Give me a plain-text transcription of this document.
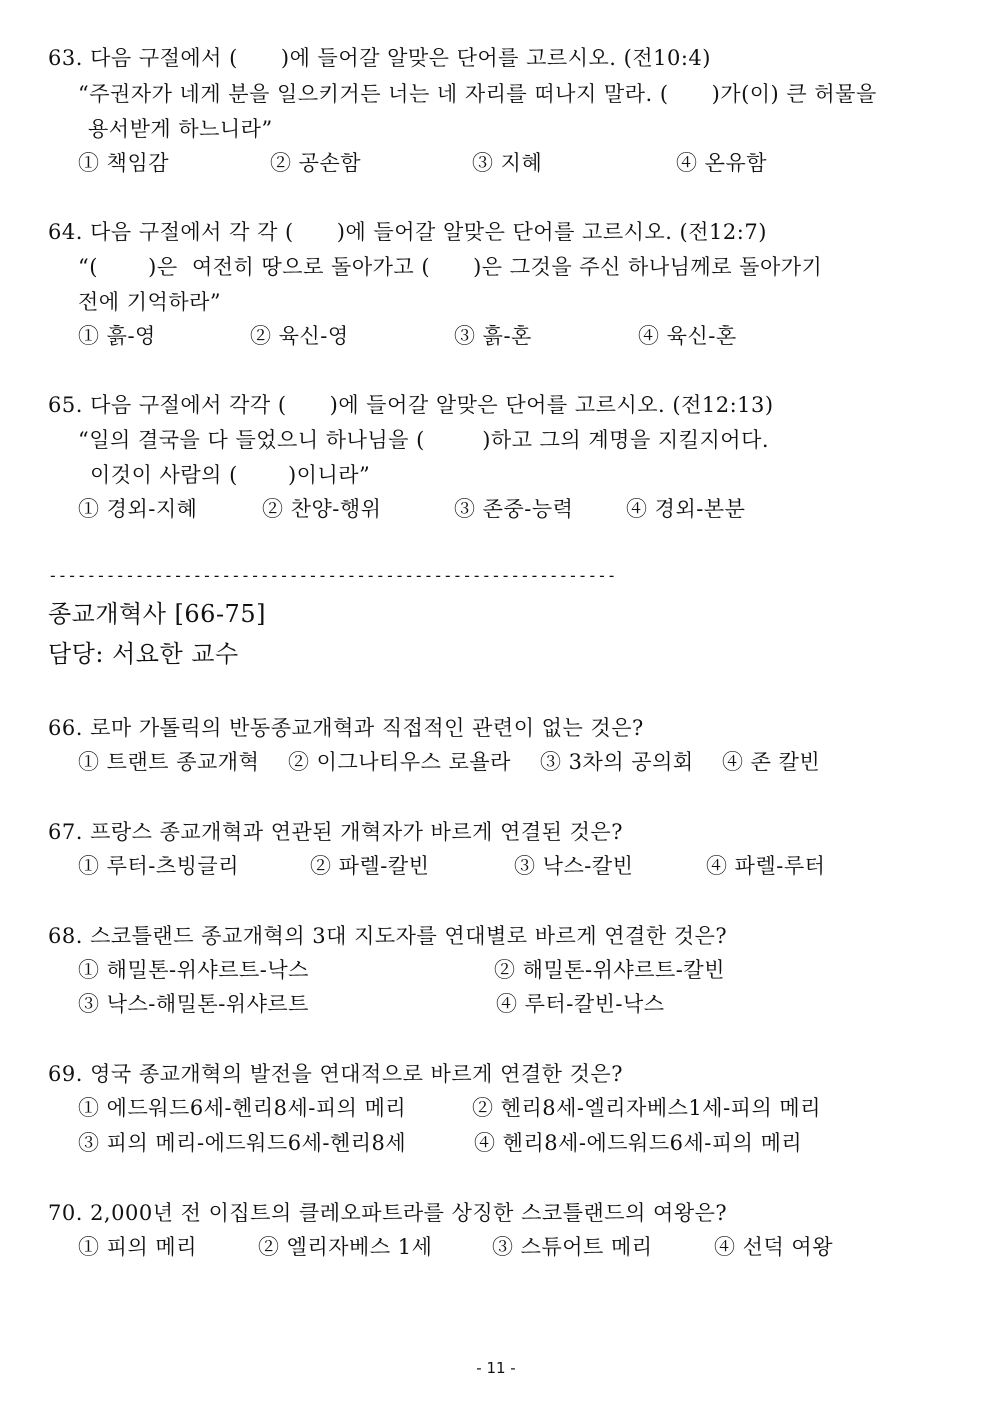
63. 다음 구절에서 (      )에 들어갈 알맞은 단어를 고르시오. (전10:4)
“주권자가 네게 분을 일으키거든 너는 네 자리를 떠나지 말라. (      )가(이) 큰 허물을
용서받게 하느니라”
① 책임감	② 공손함	③ 지혜	④ 온유함
64. 다음 구절에서 각 각 (      )에 들어갈 알맞은 단어를 고르시오. (전12:7)
“(       )은  여전히 땅으로 돌아가고 (      )은 그것을 주신 하나님께로 돌아가기
전에 기억하라”
① 흙-영	② 육신-영	③ 흙-혼	④ 육신-혼
65. 다음 구절에서 각각 (      )에 들어갈 알맞은 단어를 고르시오. (전12:13)
“일의 결국을 다 들었으니 하나님을 (        )하고 그의 계명을 지킬지어다.
이것이 사람의 (       )이니라”
① 경외-지혜	② 찬양-행위	③ 존중-능력	④ 경외-본분
-----------------------------------------------------------
종교개혁사 [66-75]
담당: 서요한 교수
66. 로마 가톨릭의 반동종교개혁과 직접적인 관련이 없는 것은?
① 트랜트 종교개혁 ② 이그나티우스 로욜라 ③ 3차의 공의회 ④ 존 칼빈
67. 프랑스 종교개혁과 연관된 개혁자가 바르게 연결된 것은?
① 루터-츠빙글리	② 파렐-칼빈	③ 낙스-칼빈	④ 파렐-루터
68. 스코틀랜드 종교개혁의 3대 지도자를 연대별로 바르게 연결한 것은?
① 해밀톤-위샤르트-낙스	② 해밀톤-위샤르트-칼빈
③ 낙스-해밀톤-위샤르트	④ 루터-칼빈-낙스
69. 영국 종교개혁의 발전을 연대적으로 바르게 연결한 것은?
① 에드워드6세-헨리8세-피의 메리	② 헨리8세-엘리자베스1세-피의 메리
③ 피의 메리-에드워드6세-헨리8세	④ 헨리8세-에드워드6세-피의 메리
70. 2,000년 전 이집트의 클레오파트라를 상징한 스코틀랜드의 여왕은?
① 피의 메리	② 엘리자베스 1세	③ 스튜어트 메리	④ 선덕 여왕
- 11 -
